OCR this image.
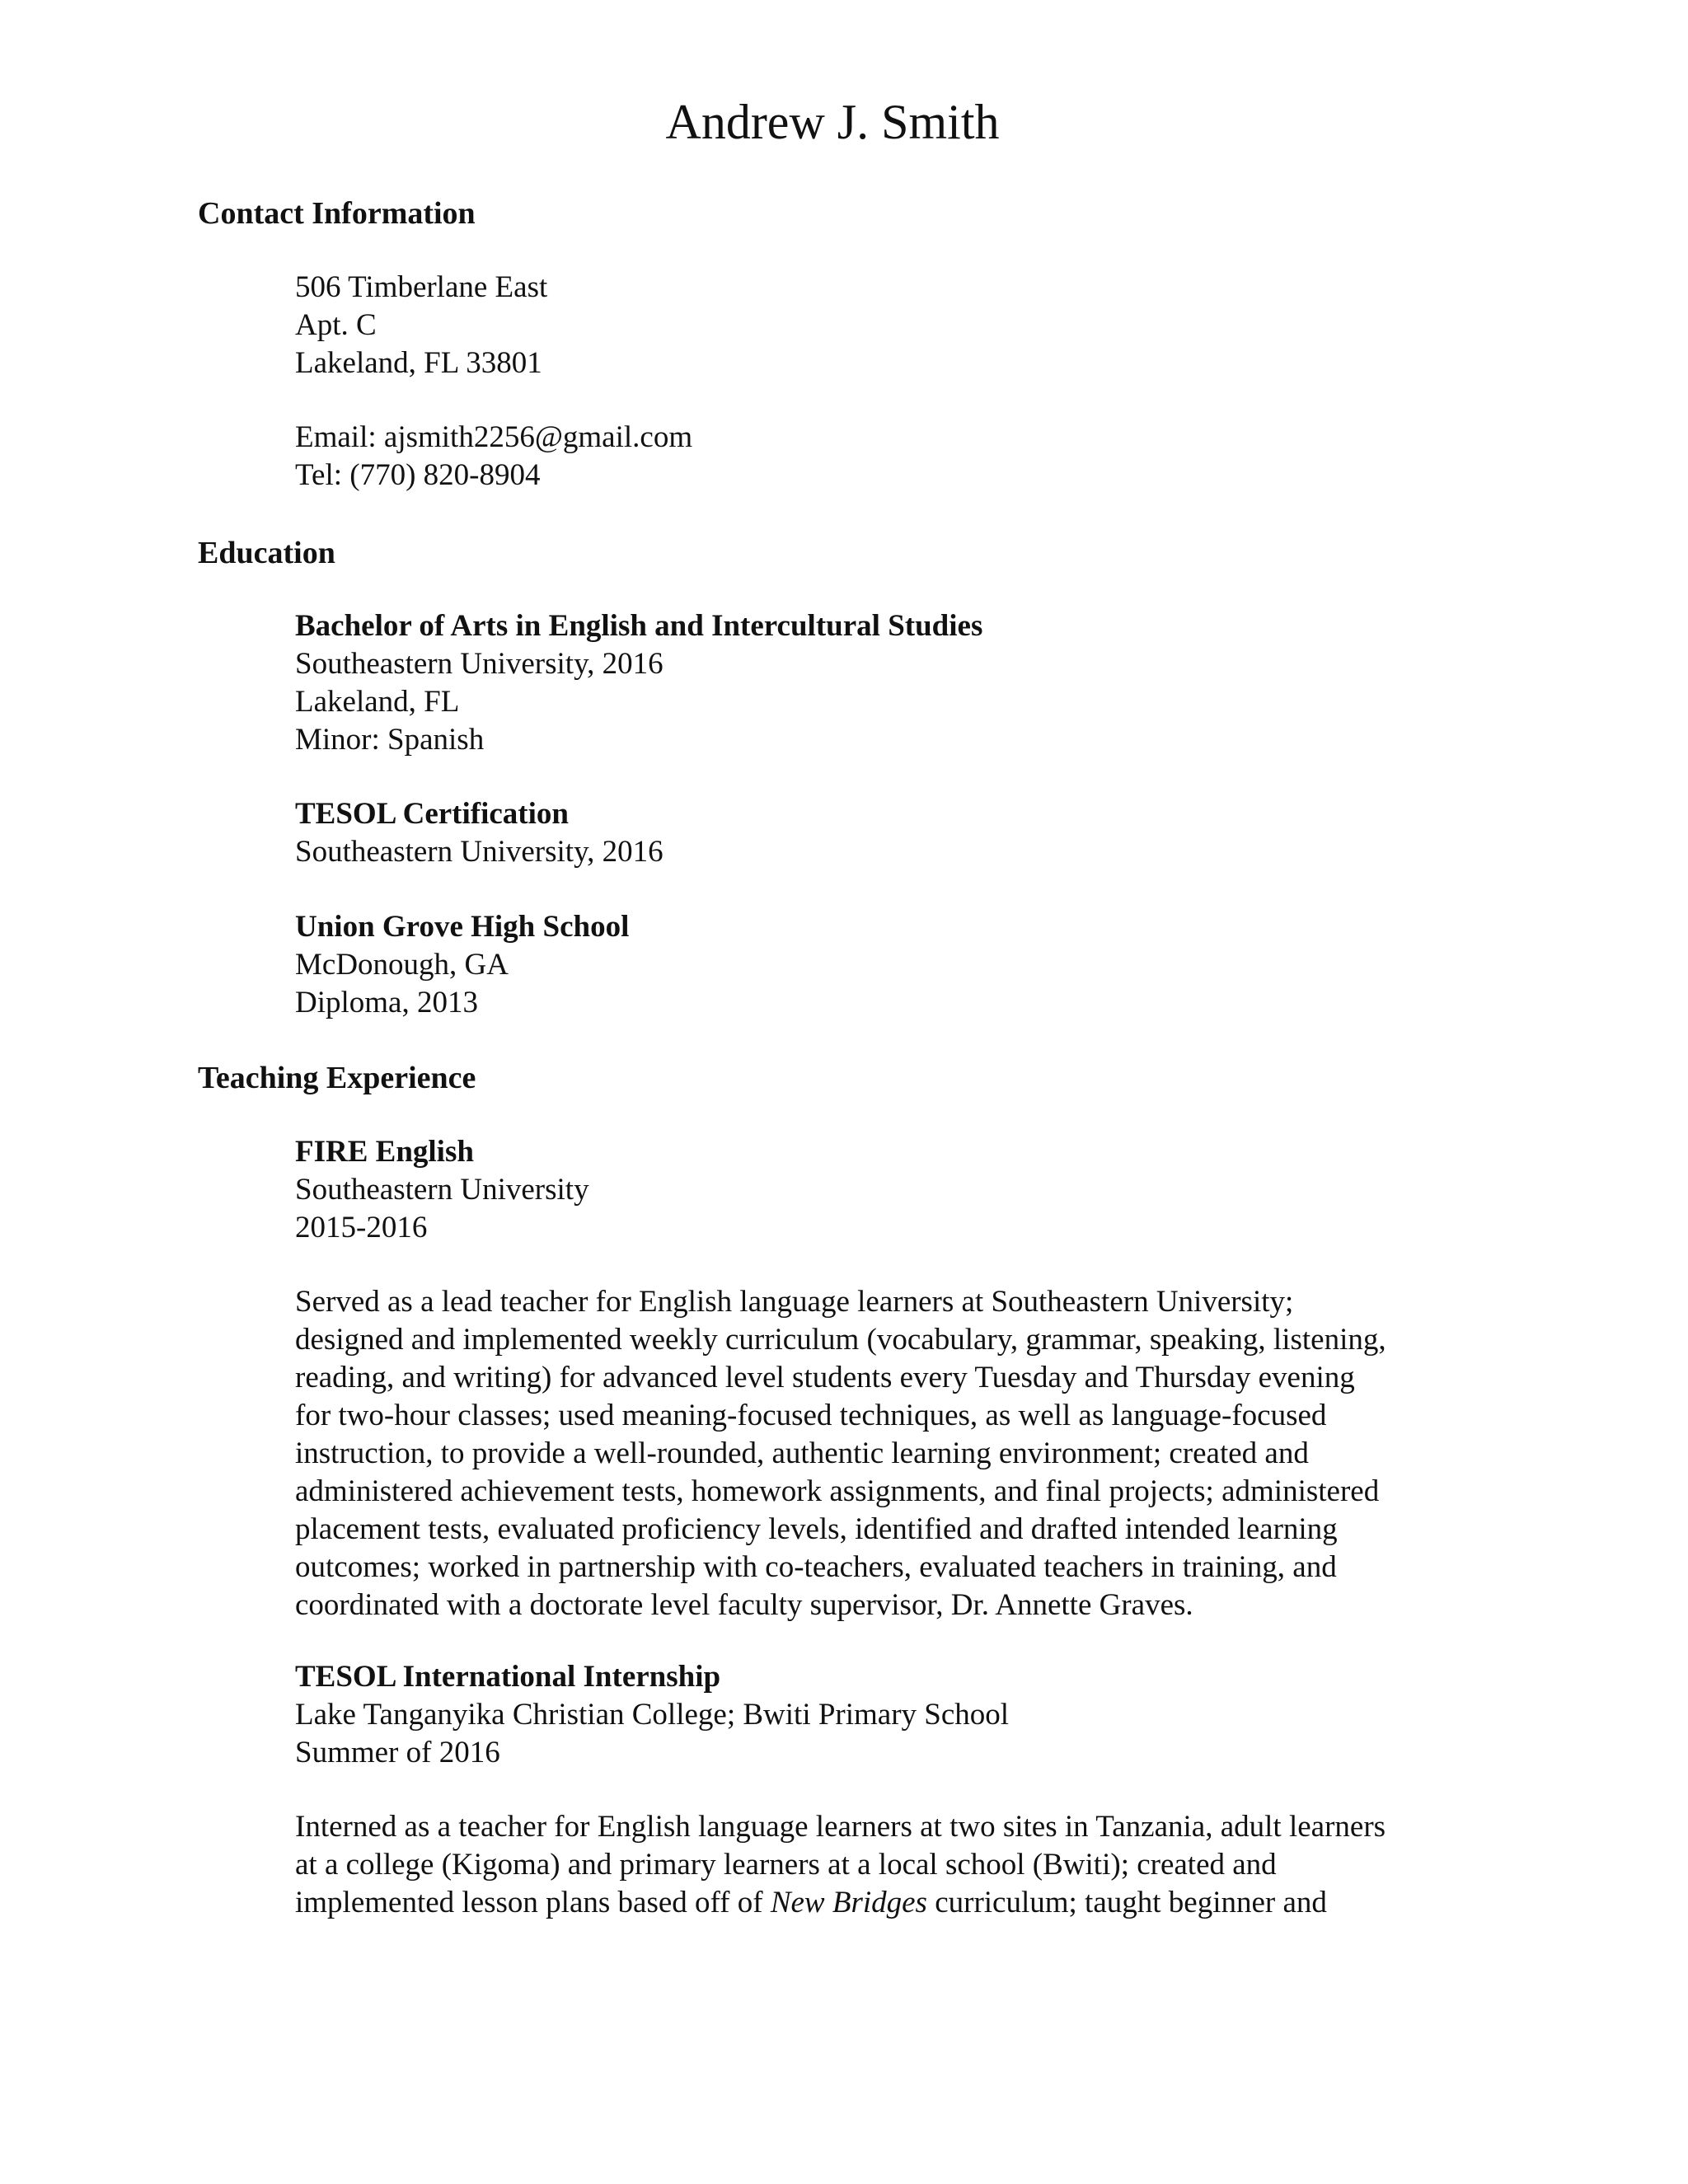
Andrew J. Smith
Contact Information
506 Timberlane East
Apt. C
Lakeland, FL 33801
Email: ajsmith2256@gmail.com
Tel: (770) 820-8904
Education
Bachelor of Arts in English and Intercultural Studies
Southeastern University, 2016
Lakeland, FL
Minor: Spanish
TESOL Certification
Southeastern University, 2016
Union Grove High School
McDonough, GA
Diploma, 2013
Teaching Experience
FIRE English
Southeastern University
2015-2016
Served as a lead teacher for English language learners at Southeastern University;
designed and implemented weekly curriculum (vocabulary, grammar, speaking, listening,
reading, and writing) for advanced level students every Tuesday and Thursday evening
for two-hour classes; used meaning-focused techniques, as well as language-focused
instruction, to provide a well-rounded, authentic learning environment; created and
administered achievement tests, homework assignments, and final projects; administered
placement tests, evaluated proficiency levels, identified and drafted intended learning
outcomes; worked in partnership with co-teachers, evaluated teachers in training, and
coordinated with a doctorate level faculty supervisor, Dr. Annette Graves.
TESOL International Internship
Lake Tanganyika Christian College; Bwiti Primary School
Summer of 2016
Interned as a teacher for English language learners at two sites in Tanzania, adult learners
at a college (Kigoma) and primary learners at a local school (Bwiti); created and
implemented lesson plans based off of New Bridges curriculum; taught beginner and
